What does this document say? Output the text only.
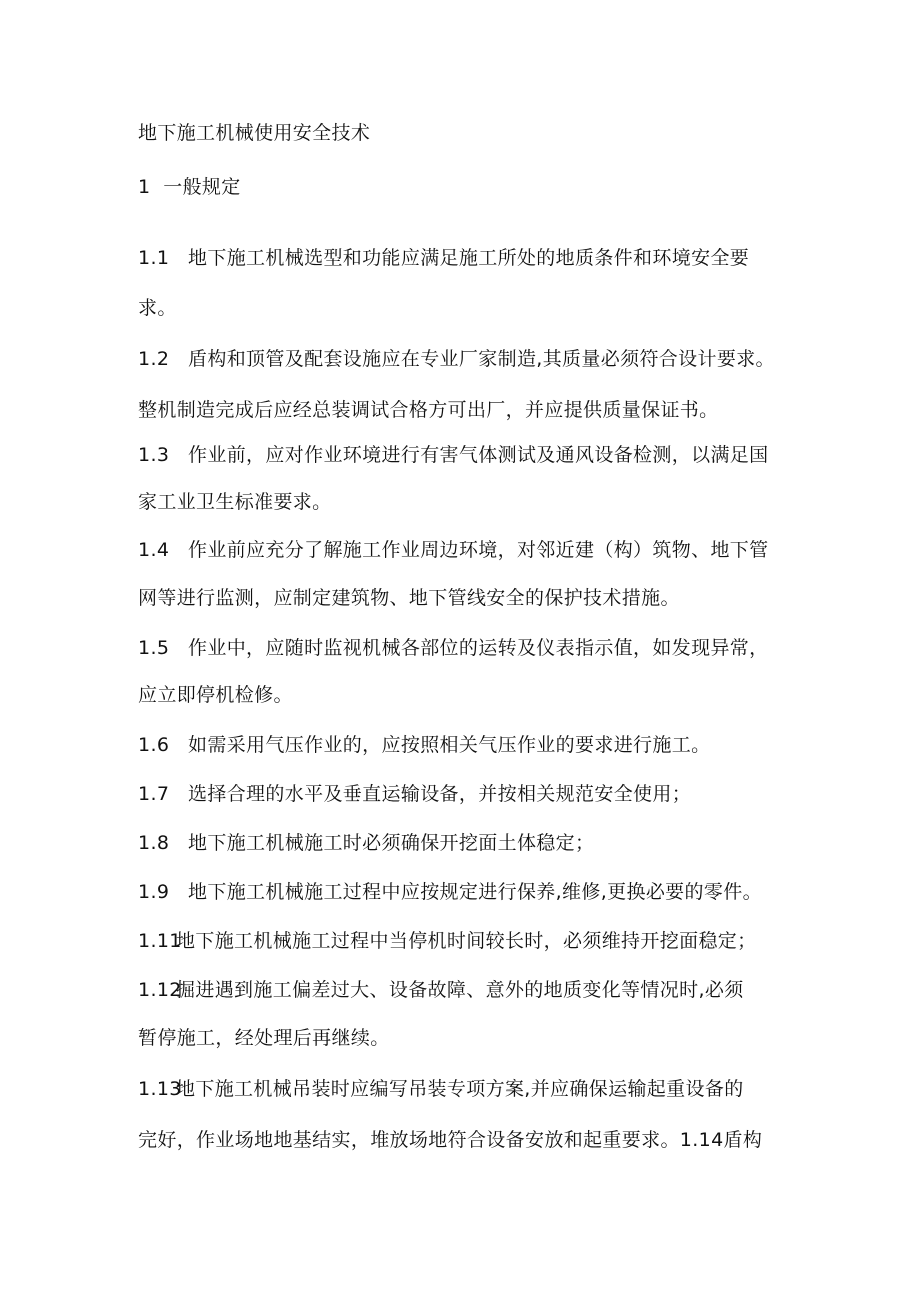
地下施工机械使用安全技术
1 一般规定
1.1 地下施工机械选型和功能应满足施工所处的地质条件和环境安全要
求。
1.2 盾构和顶管及配套设施应在专业厂家制造,其质量必须符合设计要求。
整机制造完成后应经总装调试合格方可出厂，并应提供质量保证书。
1.3 作业前，应对作业环境进行有害气体测试及通风设备检测，以满足国
家工业卫生标准要求。
1.4 作业前应充分了解施工作业周边环境，对邻近建（构）筑物、地下管
网等进行监测，应制定建筑物、地下管线安全的保护技术措施。
1.5 作业中，应随时监视机械各部位的运转及仪表指示值，如发现异常，
应立即停机检修。
1.6 如需采用气压作业的，应按照相关气压作业的要求进行施工。
1.7 选择合理的水平及垂直运输设备，并按相关规范安全使用；
1.8 地下施工机械施工时必须确保开挖面土体稳定；
1.9 地下施工机械施工过程中应按规定进行保养,维修,更换必要的零件。
1.11地下施工机械施工过程中当停机时间较长时，必须维持开挖面稳定；
1.12掘进遇到施工偏差过大、设备故障、意外的地质变化等情况时,必须
暂停施工，经处理后再继续。
1.13地下施工机械吊装时应编写吊装专项方案,并应确保运输起重设备的
完好，作业场地地基结实，堆放场地符合设备安放和起重要求。1.14盾构
